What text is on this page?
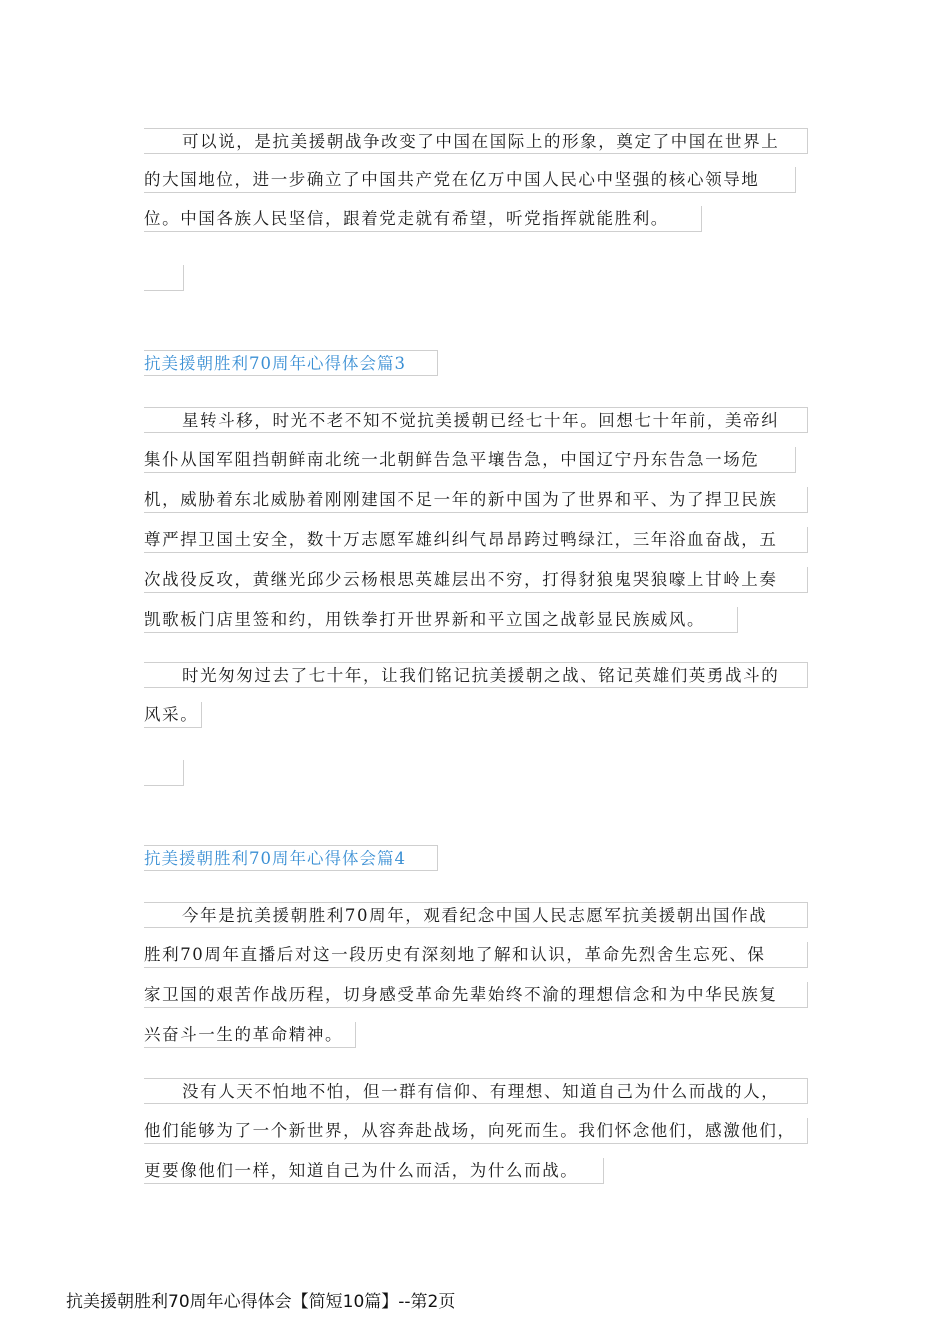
可以说，是抗美援朝战争改变了中国在国际上的形象，奠定了中国在世界上
的大国地位，进一步确立了中国共产党在亿万中国人民心中坚强的核心领导地
位。中国各族人民坚信，跟着党走就有希望，听党指挥就能胜利。
抗美援朝胜利70周年心得体会篇3
星转斗移，时光不老不知不觉抗美援朝已经七十年。回想七十年前，美帝纠
集仆从国军阻挡朝鲜南北统一北朝鲜告急平壤告急，中国辽宁丹东告急一场危
机，威胁着东北威胁着刚刚建国不足一年的新中国为了世界和平、为了捍卫民族
尊严捍卫国土安全，数十万志愿军雄纠纠气昂昂跨过鸭绿江，三年浴血奋战，五
次战役反攻，黄继光邱少云杨根思英雄层出不穷，打得豺狼鬼哭狼嚎上甘岭上奏
凯歌板门店里签和约，用铁拳打开世界新和平立国之战彰显民族威风。
时光匆匆过去了七十年，让我们铭记抗美援朝之战、铭记英雄们英勇战斗的
风采。
抗美援朝胜利70周年心得体会篇4
今年是抗美援朝胜利70周年，观看纪念中国人民志愿军抗美援朝出国作战
胜利70周年直播后对这一段历史有深刻地了解和认识，革命先烈舍生忘死、保
家卫国的艰苦作战历程，切身感受革命先辈始终不渝的理想信念和为中华民族复
兴奋斗一生的革命精神。
没有人天不怕地不怕，但一群有信仰、有理想、知道自己为什么而战的人，
他们能够为了一个新世界，从容奔赴战场，向死而生。我们怀念他们，感激他们，
更要像他们一样，知道自己为什么而活，为什么而战。
抗美援朝胜利70周年心得体会【简短10篇】--第2页
